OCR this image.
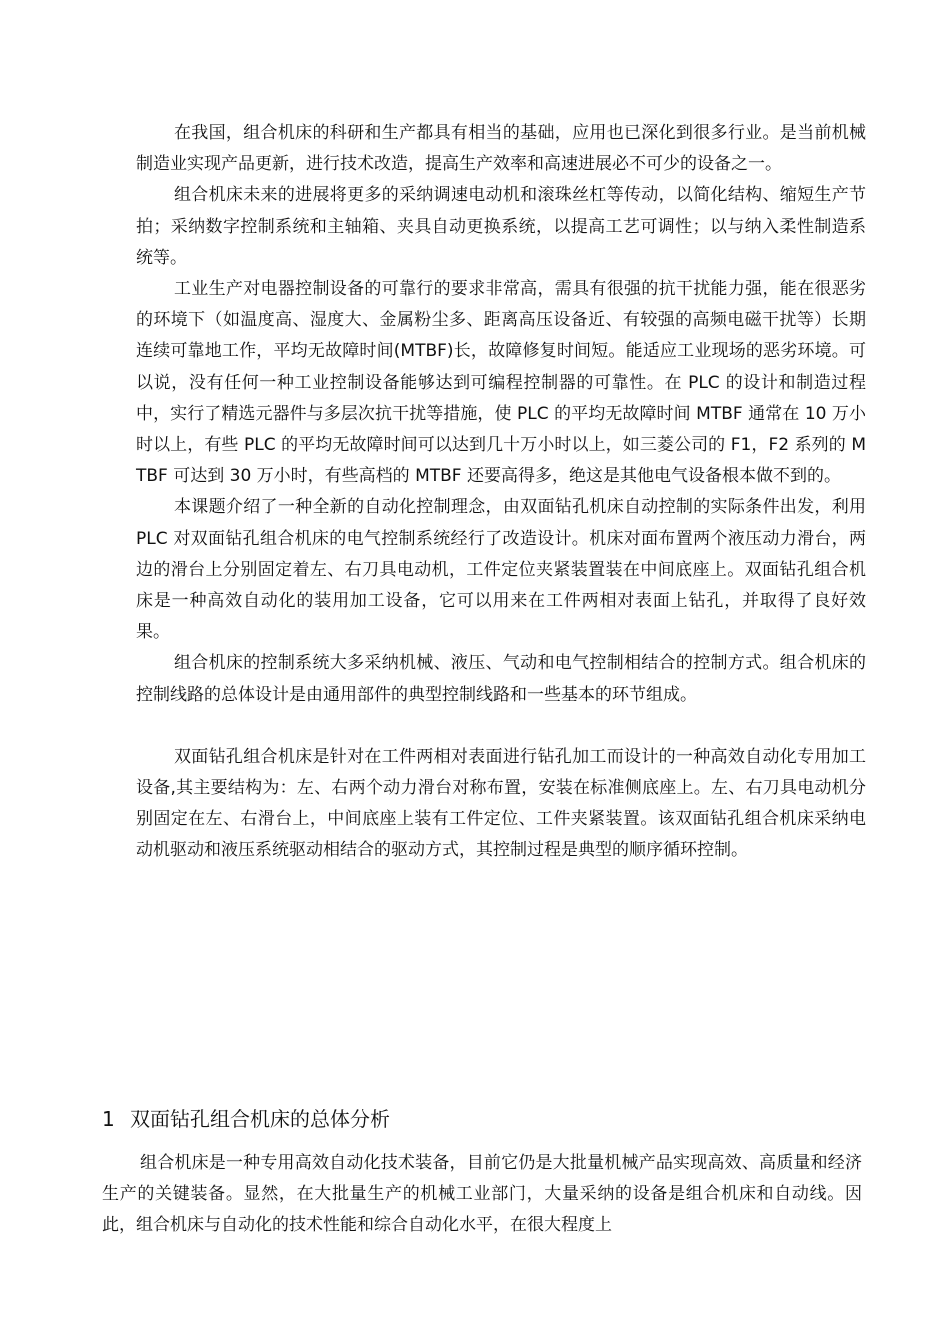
在我国，组合机床的科研和生产都具有相当的基础，应用也已深化到很多行业。是当前机械制造业实现产品更新，进行技术改造，提高生产效率和高速进展必不可少的设备之一。

组合机床未来的进展将更多的采纳调速电动机和滚珠丝杠等传动，以简化结构、缩短生产节拍；采纳数字控制系统和主轴箱、夹具自动更换系统，以提高工艺可调性；以与纳入柔性制造系统等。

工业生产对电器控制设备的可靠行的要求非常高，需具有很强的抗干扰能力强，能在很恶劣的环境下（如温度高、湿度大、金属粉尘多、距离高压设备近、有较强的高频电磁干扰等）长期连续可靠地工作，平均无故障时间(MTBF)长，故障修复时间短。能适应工业现场的恶劣环境。可以说，没有任何一种工业控制设备能够达到可编程控制器的可靠性。在 PLC 的设计和制造过程中，实行了精选元器件与多层次抗干扰等措施，使 PLC 的平均无故障时间 MTBF 通常在 10 万小时以上，有些 PLC 的平均无故障时间可以达到几十万小时以上，如三菱公司的 F1，F2 系列的 MTBF 可达到 30 万小时，有些高档的 MTBF 还要高得多，绝这是其他电气设备根本做不到的。

本课题介绍了一种全新的自动化控制理念，由双面钻孔机床自动控制的实际条件出发，利用 PLC 对双面钻孔组合机床的电气控制系统经行了改造设计。机床对面布置两个液压动力滑台，两边的滑台上分别固定着左、右刀具电动机，工件定位夹紧装置装在中间底座上。双面钻孔组合机床是一种高效自动化的装用加工设备，它可以用来在工件两相对表面上钻孔，并取得了良好效果。

组合机床的控制系统大多采纳机械、液压、气动和电气控制相结合的控制方式。组合机床的控制线路的总体设计是由通用部件的典型控制线路和一些基本的环节组成。

双面钻孔组合机床是针对在工件两相对表面进行钻孔加工而设计的一种高效自动化专用加工设备,其主要结构为：左、右两个动力滑台对称布置，安装在标准侧底座上。左、右刀具电动机分别固定在左、右滑台上，中间底座上装有工件定位、工件夹紧装置。该双面钻孔组合机床采纳电动机驱动和液压系统驱动相结合的驱动方式，其控制过程是典型的顺序循环控制。

1 双面钻孔组合机床的总体分析

组合机床是一种专用高效自动化技术装备，目前它仍是大批量机械产品实现高效、高质量和经济生产的关键装备。显然，在大批量生产的机械工业部门，大量采纳的设备是组合机床和自动线。因此，组合机床与自动化的技术性能和综合自动化水平，在很大程度上
